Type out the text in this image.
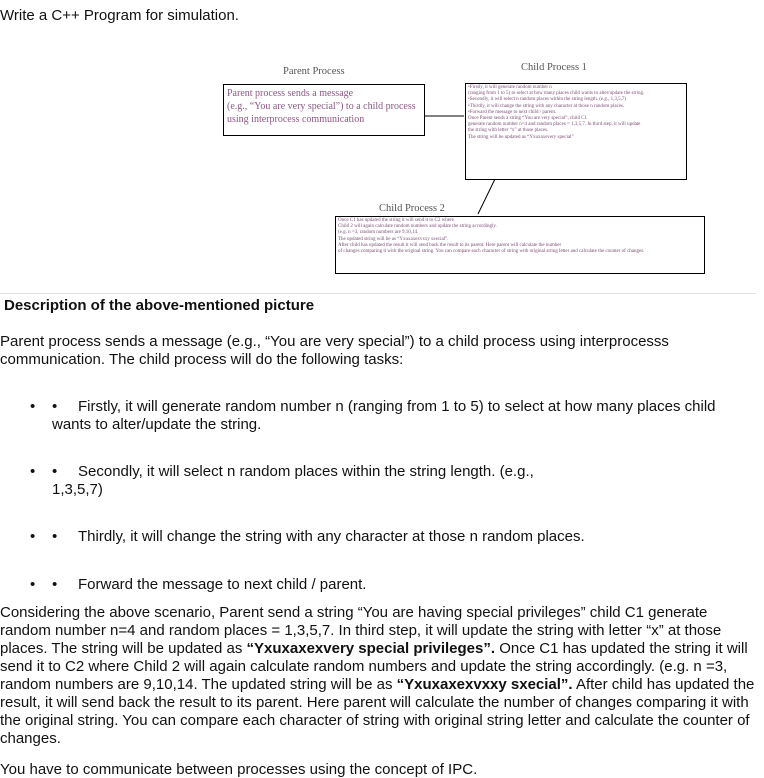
Write a C++ Program for simulation.

Parent Process
Parent process sends a message
(e.g., “You are very special”) to a child process
using interprocess communication
Child Process 1
•Firstly, it will generate random number n
(ranging from 1 to 5) to select at how many places child wants to alter/update the string.
•Secondly, it will select n random places within the string length. (e.g., 1,3,5,7)
•Thirdly, it will change the string with any character at those n random places.
•Forward the message to next child / parent.
Once Parent sends a string “You are very special”, child C1
generate random number n=4 and random places = 1,3,5,7. In third step, it will update
the string with letter “x” at those places.
The string will be updated as “Yxuxaxevery special”
Child Process 2
Once C1 has updated the string it will send it to C2 where
Child 2 will again calculate random numbers and update the string accordingly.
(e.g. n =3, random numbers are 9,10,14.
The updated string will be as “Yxuxaxexvxxy sxecial”.
After child has updated the result it will send back the result to its parent. Here parent will calculate the number
of changes comparing it with the original string. You can compare each character of string with original string letter and calculate the counter of changes.

Description of the above-mentioned picture

Parent process sends a message (e.g., “You are very special”) to a child process using interprocesss communication. The child process will do the following tasks:

• •	Firstly, it will generate random number n (ranging from 1 to 5) to select at how many places child wants to alter/update the string.

• •	Secondly, it will select n random places within the string length. (e.g., 1,3,5,7)

• •	Thirdly, it will change the string with any character at those n random places.

• •	Forward the message to next child / parent.

Considering the above scenario, Parent send a string “You are having special privileges” child C1 generate random number n=4 and random places = 1,3,5,7. In third step, it will update the string with letter “x” at those places. The string will be updated as “Yxuxaxexvery special privileges”. Once C1 has updated the string it will send it to C2 where Child 2 will again calculate random numbers and update the string accordingly. (e.g. n =3, random numbers are 9,10,14. The updated string will be as “Yxuxaxexvxxy sxecial”. After child has updated the result, it will send back the result to its parent. Here parent will calculate the number of changes comparing it with the original string. You can compare each character of string with original string letter and calculate the counter of changes.

You have to communicate between processes using the concept of IPC.
